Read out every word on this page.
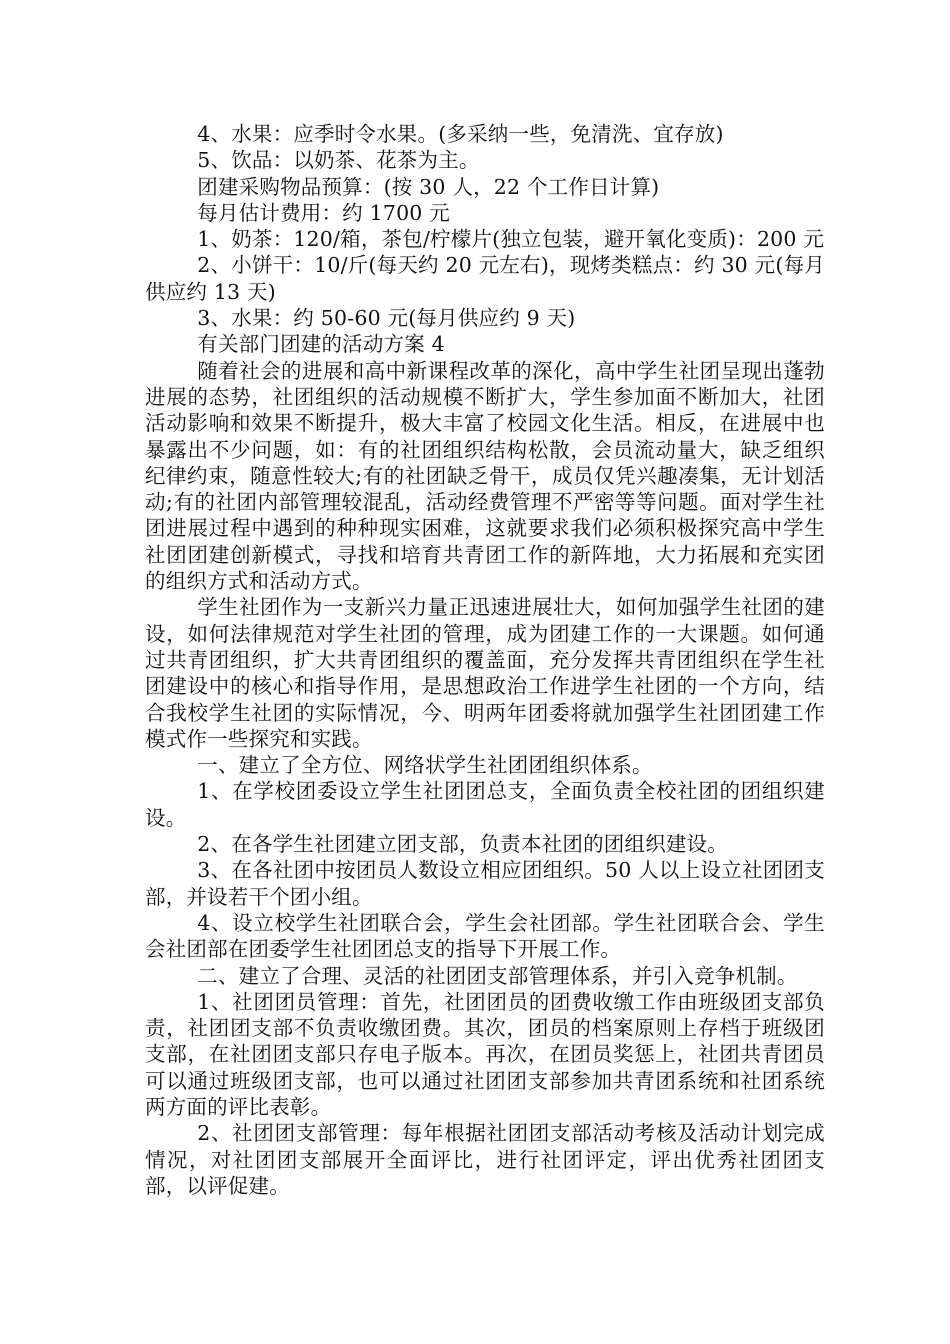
4、水果：应季时令水果。(多采纳一些，免清洗、宜存放)

5、饮品：以奶茶、花茶为主。

团建采购物品预算：(按 30 人，22 个工作日计算)

每月估计费用：约 1700 元

1、奶茶：120/箱，茶包/柠檬片(独立包装，避开氧化变质)：200 元

2、小饼干：10/斤(每天约 20 元左右)，现烤类糕点：约 30 元(每月供应约 13 天)

3、水果：约 50-60 元(每月供应约 9 天)

有关部门团建的活动方案 4

随着社会的进展和高中新课程改革的深化，高中学生社团呈现出蓬勃进展的态势，社团组织的活动规模不断扩大，学生参加面不断加大，社团活动影响和效果不断提升，极大丰富了校园文化生活。相反，在进展中也暴露出不少问题，如：有的社团组织结构松散，会员流动量大，缺乏组织纪律约束，随意性较大;有的社团缺乏骨干，成员仅凭兴趣凑集，无计划活动;有的社团内部管理较混乱，活动经费管理不严密等等问题。面对学生社团进展过程中遇到的种种现实困难，这就要求我们必须积极探究高中学生社团团建创新模式，寻找和培育共青团工作的新阵地，大力拓展和充实团的组织方式和活动方式。

学生社团作为一支新兴力量正迅速进展壮大，如何加强学生社团的建设，如何法律规范对学生社团的管理，成为团建工作的一大课题。如何通过共青团组织，扩大共青团组织的覆盖面，充分发挥共青团组织在学生社团建设中的核心和指导作用，是思想政治工作进学生社团的一个方向，结合我校学生社团的实际情况，今、明两年团委将就加强学生社团团建工作模式作一些探究和实践。

一、建立了全方位、网络状学生社团团组织体系。

1、在学校团委设立学生社团团总支，全面负责全校社团的团组织建设。

2、在各学生社团建立团支部，负责本社团的团组织建设。

3、在各社团中按团员人数设立相应团组织。50 人以上设立社团团支部，并设若干个团小组。

4、设立校学生社团联合会，学生会社团部。学生社团联合会、学生会社团部在团委学生社团团总支的指导下开展工作。

二、建立了合理、灵活的社团团支部管理体系，并引入竞争机制。

1、社团团员管理：首先，社团团员的团费收缴工作由班级团支部负责，社团团支部不负责收缴团费。其次，团员的档案原则上存档于班级团支部，在社团团支部只存电子版本。再次，在团员奖惩上，社团共青团员可以通过班级团支部，也可以通过社团团支部参加共青团系统和社团系统两方面的评比表彰。

2、社团团支部管理：每年根据社团团支部活动考核及活动计划完成情况，对社团团支部展开全面评比，进行社团评定，评出优秀社团团支部，以评促建。
